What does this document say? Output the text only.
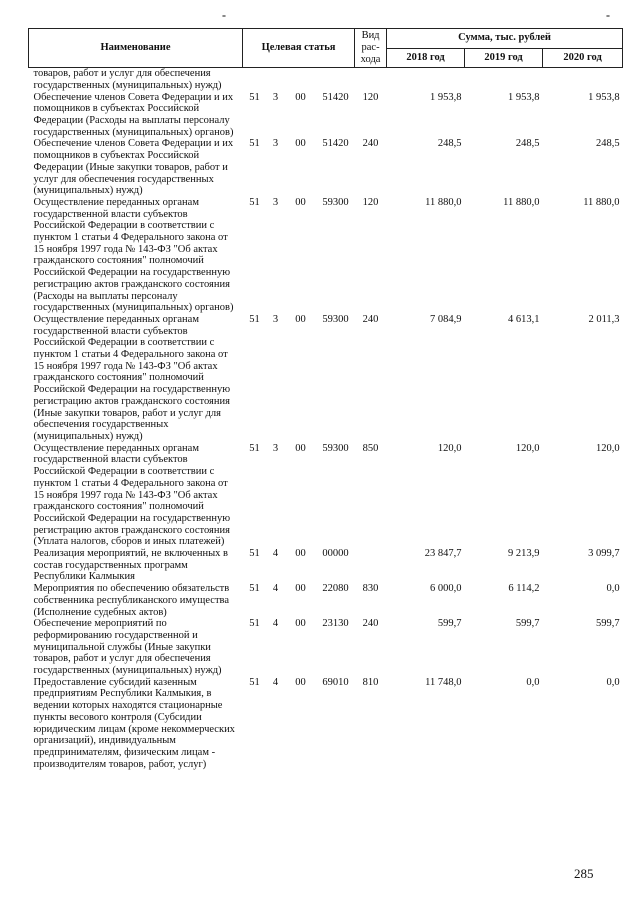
-	-
Наименование	Целевая статья				Вид рас-хода	Сумма, тыс. рублей		
						2018 год	2019 год	2020 год
товаров, работ и услуг для обеспечения государственных (муниципальных) нужд)								
Обеспечение членов Совета Федерации и их помощников в субъектах Российской Федерации (Расходы на выплаты персоналу государственных (муниципальных) органов)	51	3	00	51420	120	1 953,8	1 953,8	1 953,8
Обеспечение членов Совета Федерации и их помощников в субъектах Российской Федерации (Иные закупки товаров, работ и услуг для обеспечения государственных (муниципальных) нужд)	51	3	00	51420	240	248,5	248,5	248,5
Осуществление переданных органам государственной власти субъектов Российской Федерации в соответствии с пунктом 1 статьи 4 Федерального закона от 15 ноября 1997 года № 143-ФЗ "Об актах гражданского состояния" полномочий Российской Федерации на государственную регистрацию актов гражданского состояния (Расходы на выплаты персоналу государственных (муниципальных) органов)	51	3	00	59300	120	11 880,0	11 880,0	11 880,0
Осуществление переданных органам государственной власти субъектов Российской Федерации в соответствии с пунктом 1 статьи 4 Федерального закона от 15 ноября 1997 года № 143-ФЗ "Об актах гражданского состояния" полномочий Российской Федерации на государственную регистрацию актов гражданского состояния (Иные закупки товаров, работ и услуг для обеспечения государственных (муниципальных) нужд)	51	3	00	59300	240	7 084,9	4 613,1	2 011,3
Осуществление переданных органам государственной власти субъектов Российской Федерации в соответствии с пунктом 1 статьи 4 Федерального закона от 15 ноября 1997 года № 143-ФЗ "Об актах гражданского состояния" полномочий Российской Федерации на государственную регистрацию актов гражданского состояния (Уплата налогов, сборов и иных платежей)	51	3	00	59300	850	120,0	120,0	120,0
Реализация мероприятий, не включенных в состав государственных программ Республики Калмыкия	51	4	00	00000		23 847,7	9 213,9	3 099,7
Мероприятия по обеспечению обязательств собственника республиканского имущества (Исполнение судебных актов)	51	4	00	22080	830	6 000,0	6 114,2	0,0
Обеспечение мероприятий по реформированию государственной и муниципальной службы (Иные закупки товаров, работ и услуг для обеспечения государственных (муниципальных) нужд)	51	4	00	23130	240	599,7	599,7	599,7
Предоставление субсидий казенным предприятиям Республики Калмыкия, в ведении которых находятся стационарные пункты весового контроля (Субсидии юридическим лицам (кроме некоммерческих организаций), индивидуальным предпринимателям, физическим лицам - производителям товаров, работ, услуг)	51	4	00	69010	810	11 748,0	0,0	0,0
285
